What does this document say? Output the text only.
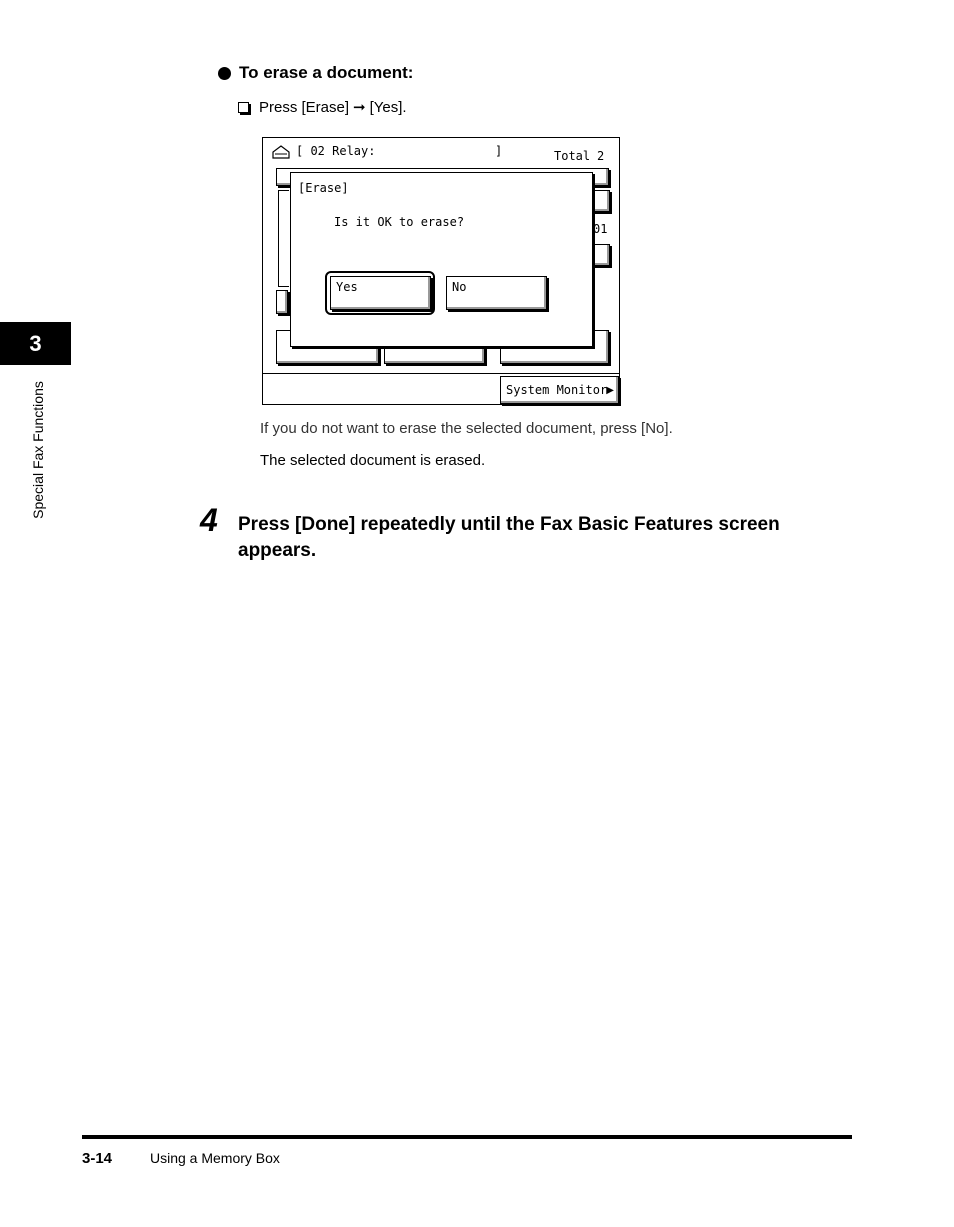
3
Special Fax Functions
To erase a document:
Press [Erase] ➞ [Yes].
[ 02 Relay:	]	Total 2
01
System Monitor ▶
[Erase]
Is it OK to erase?
Yes	No
If you do not want to erase the selected document, press [No].
The selected document is erased.
4 Press [Done] repeatedly until the Fax Basic Features screen appears.
3-14	Using a Memory Box
